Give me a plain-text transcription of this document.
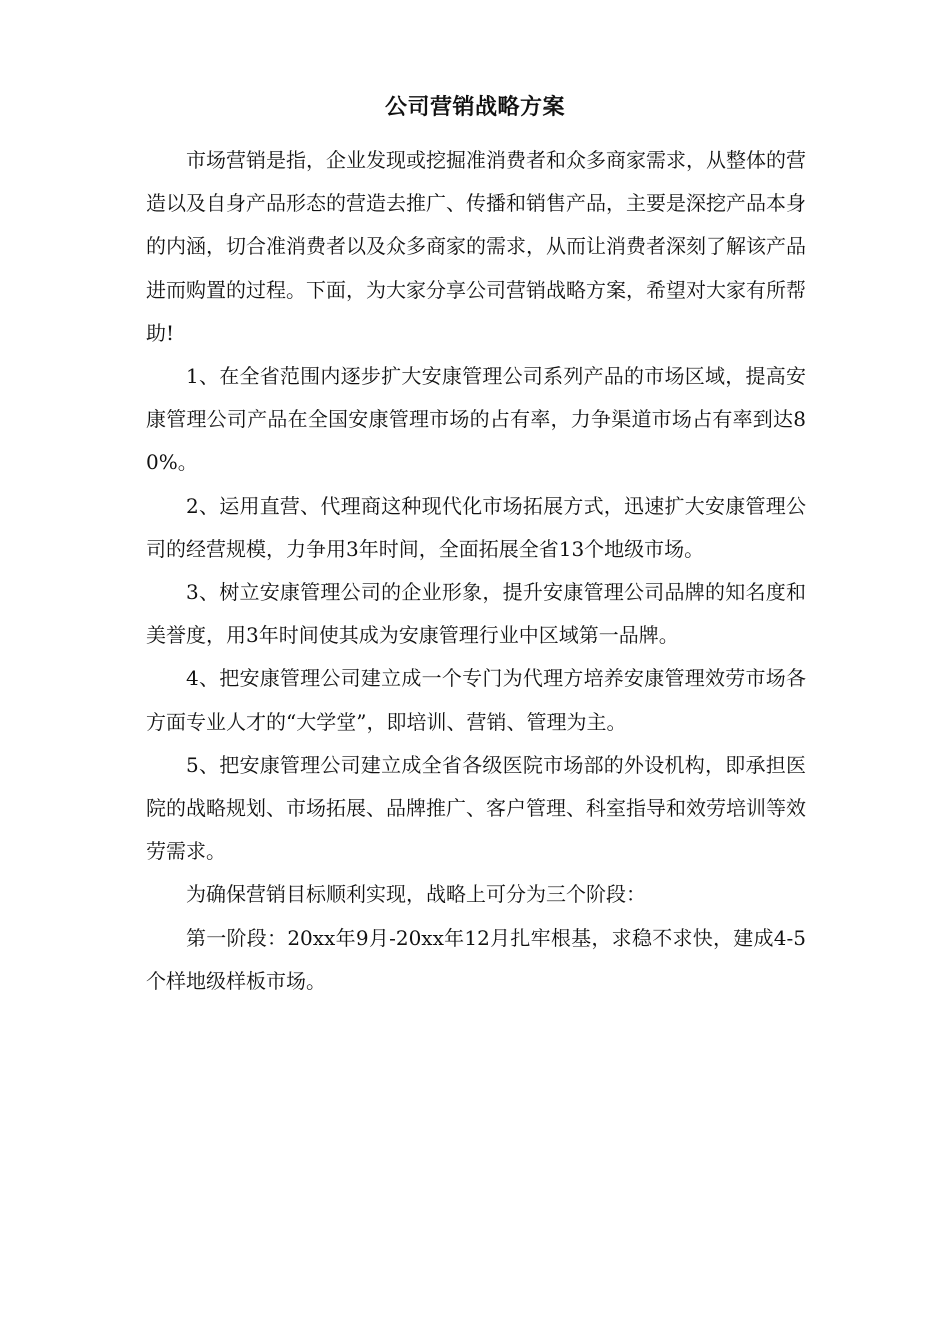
公司营销战略方案

市场营销是指，企业发现或挖掘准消费者和众多商家需求，从整体的营造以及自身产品形态的营造去推广、传播和销售产品，主要是深挖产品本身的内涵，切合准消费者以及众多商家的需求，从而让消费者深刻了解该产品进而购置的过程。下面，为大家分享公司营销战略方案，希望对大家有所帮助!

1、在全省范围内逐步扩大安康管理公司系列产品的市场区域，提高安康管理公司产品在全国安康管理市场的占有率，力争渠道市场占有率到达80%。

2、运用直营、代理商这种现代化市场拓展方式，迅速扩大安康管理公司的经营规模，力争用3年时间，全面拓展全省13个地级市场。

3、树立安康管理公司的企业形象，提升安康管理公司品牌的知名度和美誉度，用3年时间使其成为安康管理行业中区域第一品牌。

4、把安康管理公司建立成一个专门为代理方培养安康管理效劳市场各方面专业人才的“大学堂”，即培训、营销、管理为主。

5、把安康管理公司建立成全省各级医院市场部的外设机构，即承担医院的战略规划、市场拓展、品牌推广、客户管理、科室指导和效劳培训等效劳需求。

为确保营销目标顺利实现，战略上可分为三个阶段：

第一阶段：20xx年9月-20xx年12月扎牢根基，求稳不求快，建成4-5个样地级样板市场。
